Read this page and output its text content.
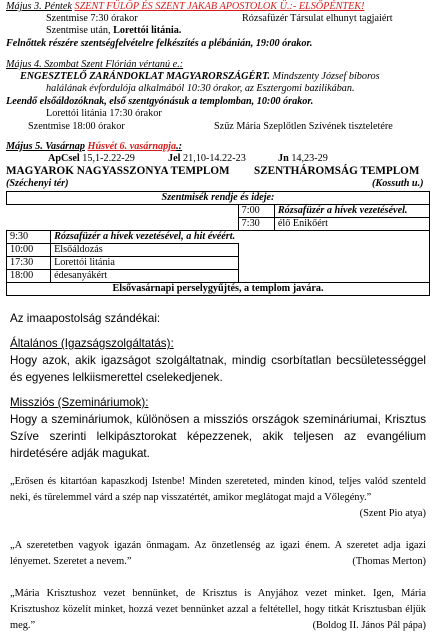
Május 3. Péntek SZENT FÜLÖP ÉS SZENT JAKAB APOSTOLOK Ü.:- ELSŐPÉNTEK!
Szentmise 7:30 órakor	Rózsafüzér Társulat elhunyt tagjaiért
Szentmise után, Lorettói litánia.
Felnőttek részére szentségfelvételre felkészítés a plébánián, 19:00 órakor.
Május 4. Szombat Szent Flórián vértanú e.:
ENGESZTELŐ ZARÁNDOKLAT MAGYARORSZÁGÉRT. Mindszenty József bíboros
halálának évfordulója alkalmából 10:30 órakor, az Esztergomi bazilikában.
Leendő elsőáldozóknak, első szentgyónásuk a templomban, 10:00 órakor.
Lorettói litánia 17:30 órakor
Szentmise 18:00 órakor	Szűz Mária Szeplőtlen Szívének tiszteletére
Május 5. Vasárnap Húsvét 6. vasárnapja.:
ApCsel 15,1-2.22-29	Jel 21,10-14.22-23	Jn 14,23-29
MAGYAROK NAGYASSZONYA TEMPLOM SZENTHÁROMSÁG TEMPLOM
(Széchenyi tér)	(Kossuth u.)
Szentmisék rendje és ideje:			
		7:00	Rózsafüzér a hívek vezetésével.
		7:30	élő Enikőért
9:30	Rózsafüzér a hívek vezetésével, a hit évéért.		
10:00	Elsőáldozás		
17:30	Lorettói litánia		
18:00	édesanyákért		
Elsővasárnapi perselygyűjtés, a templom javára.			
Az imaapostolság szándékai:
Általános (Igazságszolgáltatás):
Hogy azok, akik igazságot szolgáltatnak, mindig csorbítatlan becsületességgel és egyenes lelkiismerettel cselekedjenek.
Missziós (Szemináriumok):
Hogy a szemináriumok, különösen a missziós országok szemináriumai, Krisztus Szíve szerinti lelkipásztorokat képezzenek, akik teljesen az evangélium hirdetésére adják magukat.
„Erősen és kitartóan kapaszkodj Istenbe! Minden szereteted, minden kínod, teljes valód szenteld neki, és türelemmel várd a szép nap visszatértét, amikor meglátogat majd a Vőlegény.”
(Szent Pio atya)
„A szeretetben vagyok igazán önmagam. Az önzetlenség az igazi énem. A szeretet adja igazi lényemet. Szeretet a nevem.”	(Thomas Merton)
„Mária Krisztushoz vezet bennünket, de Krisztus is Anyjához vezet minket. Igen, Mária Krisztushoz közelít minket, hozzá vezet bennünket azzal a feltétellel, hogy titkát Krisztusban éljük meg.”	(Boldog II. János Pál pápa)
